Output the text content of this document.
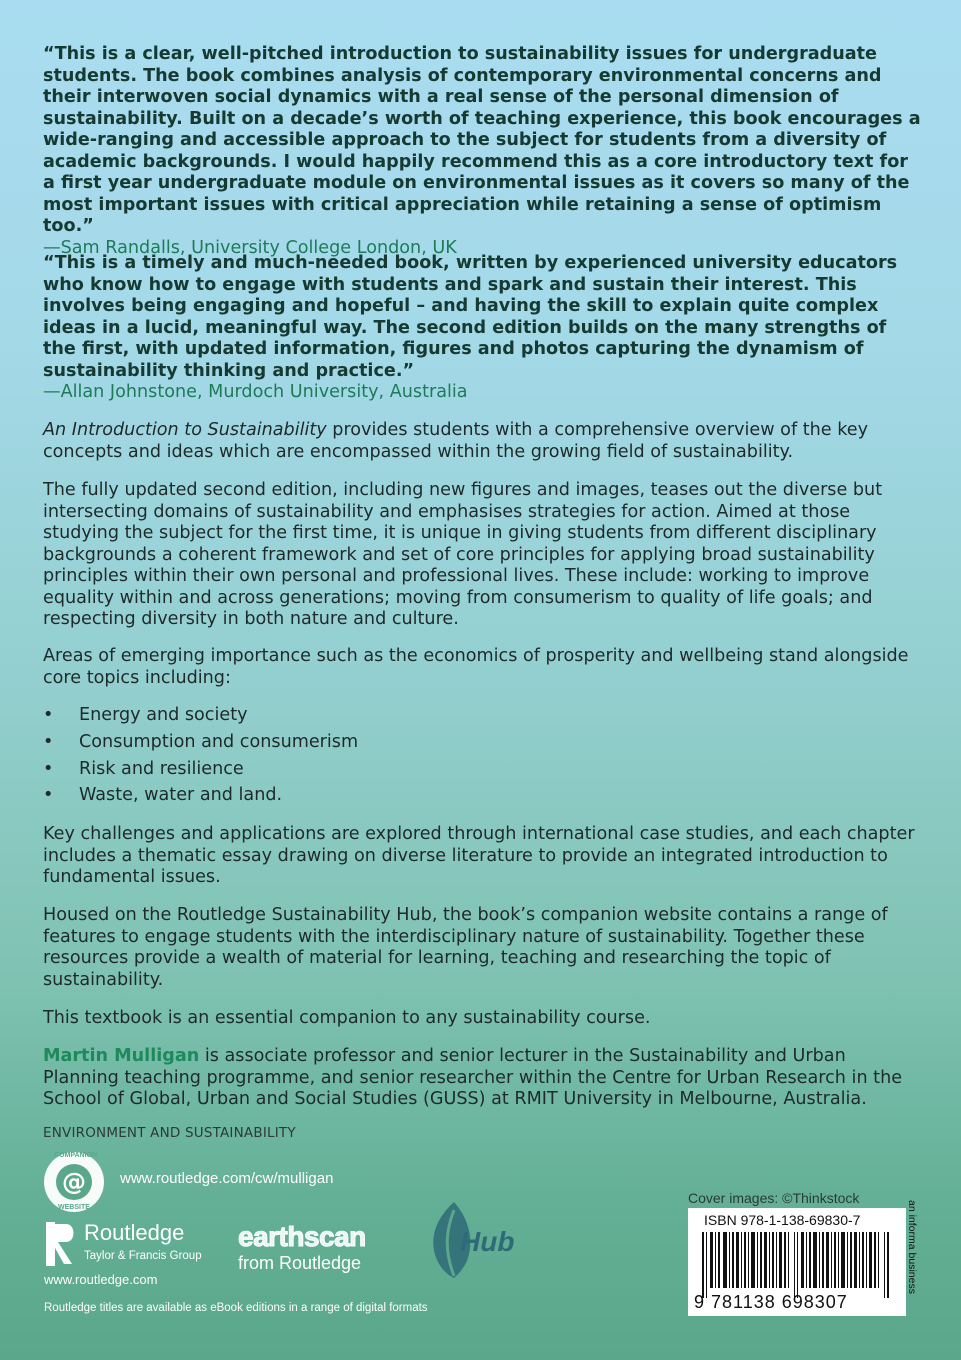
“This is a clear, well-pitched introduction to sustainability issues for undergraduate students. The book combines analysis of contemporary environmental concerns and their interwoven social dynamics with a real sense of the personal dimension of sustainability. Built on a decade’s worth of teaching experience, this book encourages a wide-ranging and accessible approach to the subject for students from a diversity of academic backgrounds. I would happily recommend this as a core introductory text for a first year undergraduate module on environmental issues as it covers so many of the most important issues with critical appreciation while retaining a sense of optimism too.”

—Sam Randalls, University College London, UK

“This is a timely and much-needed book, written by experienced university educators who know how to engage with students and spark and sustain their interest. This involves being engaging and hopeful – and having the skill to explain quite complex ideas in a lucid, meaningful way. The second edition builds on the many strengths of the first, with updated information, figures and photos capturing the dynamism of sustainability thinking and practice.”

—Allan Johnstone, Murdoch University, Australia

An Introduction to Sustainability provides students with a comprehensive overview of the key concepts and ideas which are encompassed within the growing field of sustainability.

The fully updated second edition, including new figures and images, teases out the diverse but intersecting domains of sustainability and emphasises strategies for action. Aimed at those studying the subject for the first time, it is unique in giving students from different disciplinary backgrounds a coherent framework and set of core principles for applying broad sustainability principles within their own personal and professional lives. These include: working to improve equality within and across generations; moving from consumerism to quality of life goals; and respecting diversity in both nature and culture.

Areas of emerging importance such as the economics of prosperity and wellbeing stand alongside core topics including:

• Energy and society
• Consumption and consumerism
• Risk and resilience
• Waste, water and land.

Key challenges and applications are explored through international case studies, and each chapter includes a thematic essay drawing on diverse literature to provide an integrated introduction to fundamental issues.

Housed on the Routledge Sustainability Hub, the book’s companion website contains a range of features to engage students with the interdisciplinary nature of sustainability. Together these resources provide a wealth of material for learning, teaching and researching the topic of sustainability.

This textbook is an essential companion to any sustainability course.

Martin Mulligan is associate professor and senior lecturer in the Sustainability and Urban Planning teaching programme, and senior researcher within the Centre for Urban Research in the School of Global, Urban and Social Studies (GUSS) at RMIT University in Melbourne, Australia.

ENVIRONMENT AND SUSTAINABILITY
@
COMPANION
WEBSITE
www.routledge.com/cw/mulligan
Routledge
Taylor & Francis Group
www.routledge.com
earthscan
from Routledge
Hub
Routledge titles are available as eBook editions in a range of digital formats
Cover images: ©Thinkstock
ISBN 978-1-138-69830-7
9 781138 698307
an informa business
